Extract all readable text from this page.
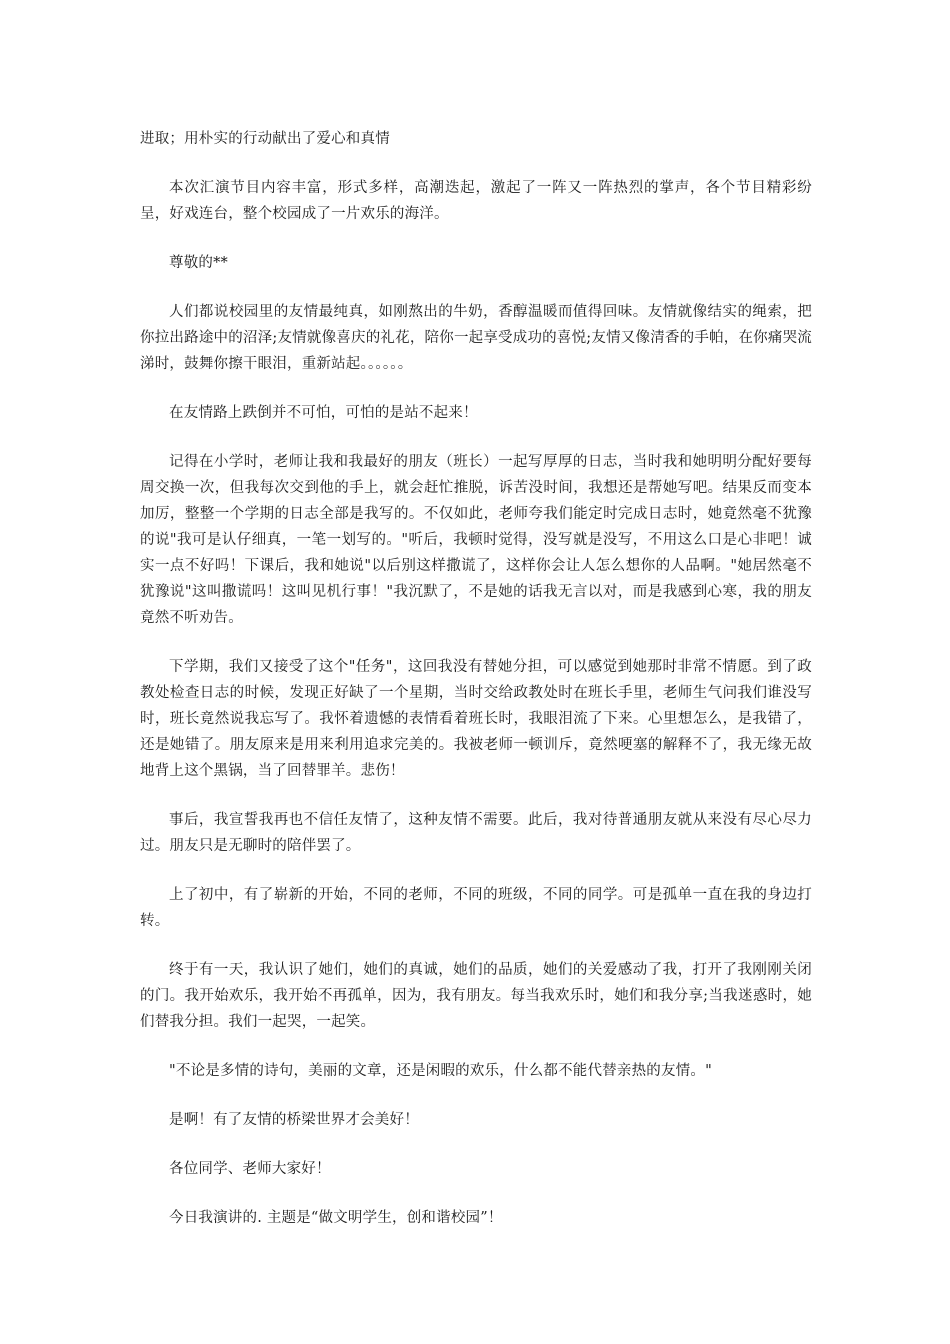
进取；用朴实的行动献出了爱心和真情

本次汇演节目内容丰富，形式多样，高潮迭起，激起了一阵又一阵热烈的掌声，各个节目精彩纷呈，好戏连台，整个校园成了一片欢乐的海洋。

尊敬的**

人们都说校园里的友情最纯真，如刚熬出的牛奶，香醇温暖而值得回味。友情就像结实的绳索，把你拉出路途中的沼泽;友情就像喜庆的礼花，陪你一起享受成功的喜悦;友情又像清香的手帕，在你痛哭流涕时，鼓舞你擦干眼泪，重新站起。。。。。。

在友情路上跌倒并不可怕，可怕的是站不起来！

记得在小学时，老师让我和我最好的朋友（班长）一起写厚厚的日志，当时我和她明明分配好要每周交换一次，但我每次交到他的手上，就会赶忙推脱，诉苦没时间，我想还是帮她写吧。结果反而变本加厉，整整一个学期的日志全部是我写的。不仅如此，老师夸我们能定时完成日志时，她竟然毫不犹豫的说"我可是认仔细真，一笔一划写的。"听后，我顿时觉得，没写就是没写，不用这么口是心非吧！诚实一点不好吗！下课后，我和她说"以后别这样撒谎了，这样你会让人怎么想你的人品啊。"她居然毫不犹豫说"这叫撒谎吗！这叫见机行事！"我沉默了，不是她的话我无言以对，而是我感到心寒，我的朋友竟然不听劝告。

下学期，我们又接受了这个"任务"，这回我没有替她分担，可以感觉到她那时非常不情愿。到了政教处检查日志的时候，发现正好缺了一个星期，当时交给政教处时在班长手里，老师生气问我们谁没写时，班长竟然说我忘写了。我怀着遗憾的表情看着班长时，我眼泪流了下来。心里想怎么，是我错了，还是她错了。朋友原来是用来利用追求完美的。我被老师一顿训斥，竟然哽塞的解释不了，我无缘无故地背上这个黑锅，当了回替罪羊。悲伤！

事后，我宣誓我再也不信任友情了，这种友情不需要。此后，我对待普通朋友就从来没有尽心尽力过。朋友只是无聊时的陪伴罢了。

上了初中，有了崭新的开始，不同的老师，不同的班级，不同的同学。可是孤单一直在我的身边打转。

终于有一天，我认识了她们，她们的真诚，她们的品质，她们的关爱感动了我，打开了我刚刚关闭的门。我开始欢乐，我开始不再孤单，因为，我有朋友。每当我欢乐时，她们和我分享;当我迷惑时，她们替我分担。我们一起哭，一起笑。

"不论是多情的诗句，美丽的文章，还是闲暇的欢乐，什么都不能代替亲热的友情。"

是啊！有了友情的桥梁世界才会美好！

各位同学、老师大家好！

今日我演讲的. 主题是“做文明学生，创和谐校园”！
